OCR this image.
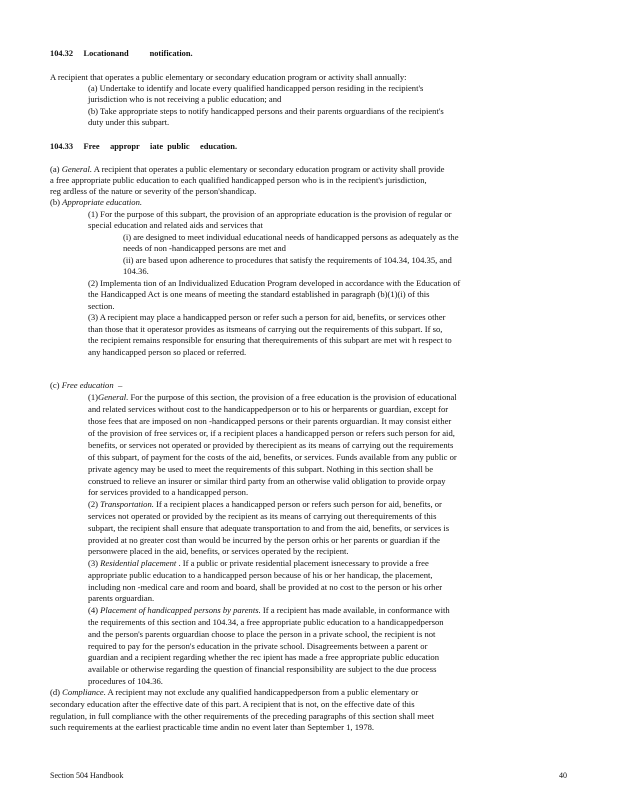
104.32     Locationand          notification.
A recipient that operates a public elementary or secondary education program or activity shall annually:
(a) Undertake to identify and locate every qualified handicapped person residing in the recipient's
jurisdiction who is not receiving a public education; and
(b) Take appropriate steps to notify handicapped persons and their parents orguardians of the recipient's
duty under this subpart.
104.33     Free     appropr     iate  public     education.
(a) General. A recipient that operates a public elementary or secondary education program or activity shall provide
a free appropriate public education to each qualified handicapped person who is in the recipient's jurisdiction,
reg ardless of the nature or severity of the person'shandicap.
(b) Appropriate education.
(1) For the purpose of this subpart, the provision of an appropriate education is the provision of regular or
special education and related aids and services that
(i) are designed to meet individual educational needs of handicapped persons as adequately as the
needs of non -handicapped persons are met and
(ii) are based upon adherence to procedures that satisfy the requirements of 104.34, 104.35, and
104.36.
(2) Implementa tion of an Individualized Education Program developed in accordance with the Education of
the Handicapped Act is one means of meeting the standard established in paragraph (b)(1)(i) of this
section.
(3) A recipient may place a handicapped person or refer such a person for aid, benefits, or services other
than those that it operatesor provides as itsmeans of carrying out the requirements of this subpart. If so,
the recipient remains responsible for ensuring that therequirements of this subpart are met wit h respect to
any handicapped person so placed or referred.
(c) Free education –
(1)General. For the purpose of this section, the provision of a free education is the provision of educational
and related services without cost to the handicappedperson or to his or herparents or guardian, except for
those fees that are imposed on non -handicapped persons or their parents orguardian. It may consist either
of the provision of free services or, if a recipient places a handicapped person or refers such person for aid,
benefits, or services not operated or provided by therecipient as its means of carrying out the requirements
of this subpart, of payment for the costs of the aid, benefits, or services. Funds available from any public or
private agency may be used to meet the requirements of this subpart. Nothing in this section shall be
construed to relieve an insurer or similar third party from an otherwise valid obligation to provide orpay
for services provided to a handicapped person.
(2) Transportation. If a recipient places a handicapped person or refers such person for aid, benefits, or
services not operated or provided by the recipient as its means of carrying out therequirements of this
subpart, the recipient shall ensure that adequate transportation to and from the aid, benefits, or services is
provided at no greater cost than would be incurred by the person orhis or her parents or guardian if the
personwere placed in the aid, benefits, or services operated by the recipient.
(3) Residential placement . If a public or private residential placement isnecessary to provide a free
appropriate public education to a handicapped person because of his or her handicap, the placement,
including non -medical care and room and board, shall be provided at no cost to the person or his orher
parents orguardian.
(4) Placement of handicapped persons by parents. If a recipient has made available, in conformance with
the requirements of this section and 104.34, a free appropriate public education to a handicappedperson
and the person's parents orguardian choose to place the person in a private school, the recipient is not
required to pay for the person's education in the private school. Disagreements between a parent or
guardian and a recipient regarding whether the rec ipient has made a free appropriate public education
available or otherwise regarding the question of financial responsibility are subject to the due process
procedures of 104.36.
(d) Compliance. A recipient may not exclude any qualified handicappedperson from a public elementary or
secondary education after the effective date of this part. A recipient that is not, on the effective date of this
regulation, in full compliance with the other requirements of the preceding paragraphs of this section shall meet
such requirements at the earliest practicable time andin no event later than September 1, 1978.
Section 504 Handbook	40
